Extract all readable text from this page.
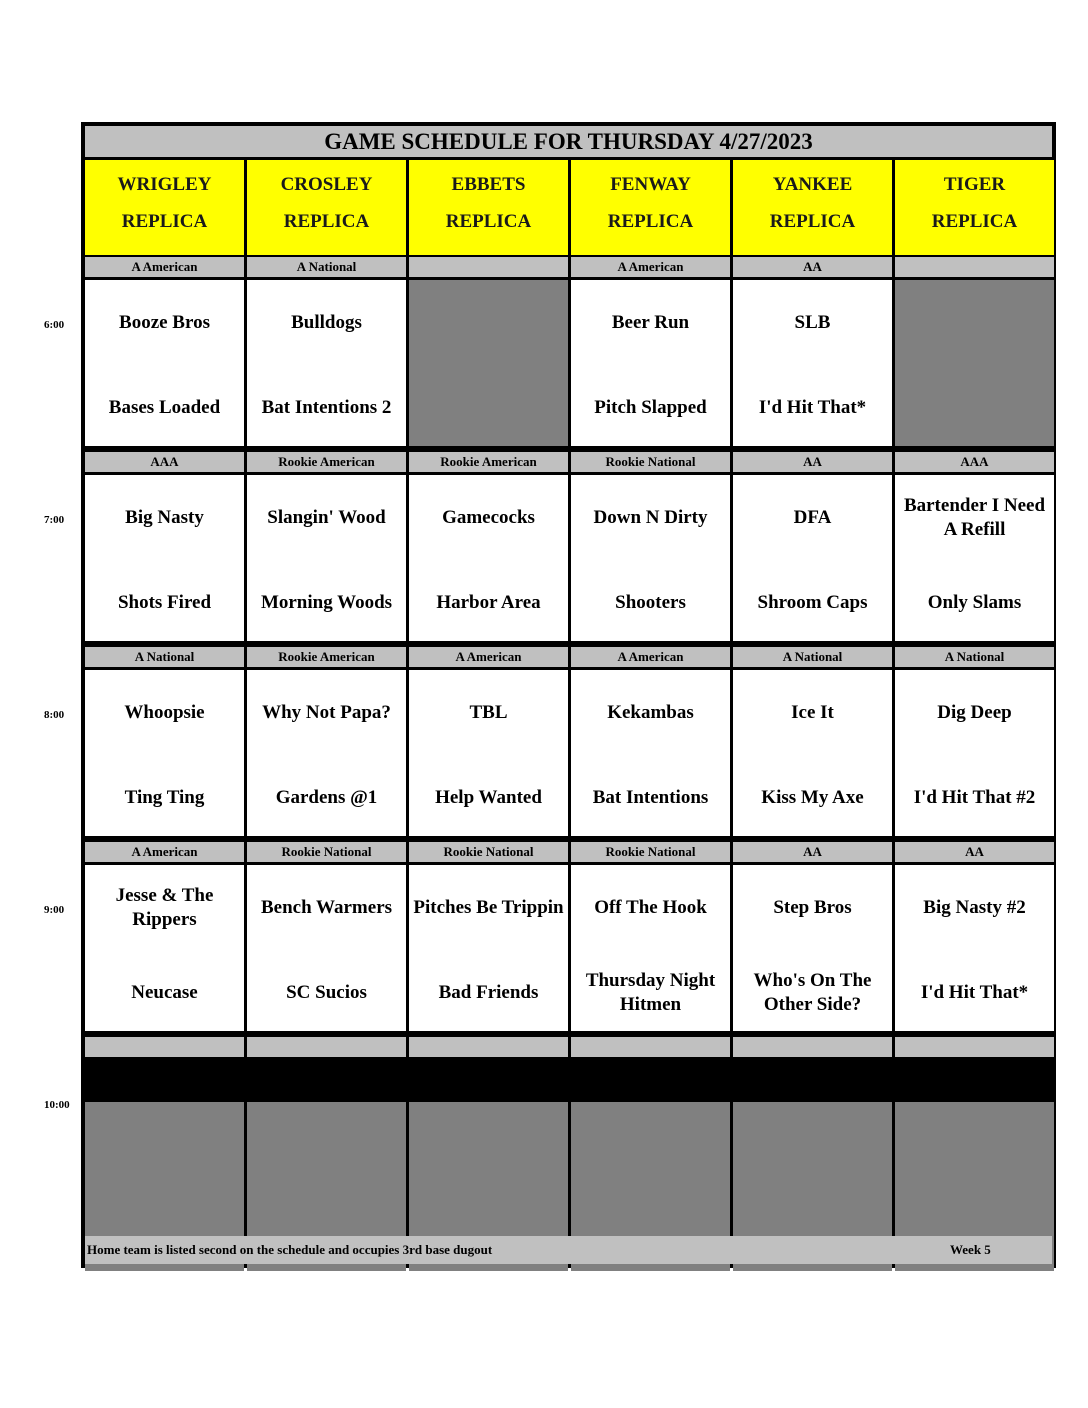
6:00
7:00
8:00
9:00
10:00
GAME SCHEDULE FOR THURSDAY 4/27/2023
WRIGLEY
REPLICA
A American
AAA
A National
A American
Booze Bros
Bases Loaded
Big Nasty
Shots Fired
Whoopsie
Ting Ting
Jesse & The Rippers
Neucase
CROSLEY
REPLICA
A National
Rookie American
Rookie American
Rookie National
Bulldogs
Bat Intentions 2
Slangin' Wood
Morning Woods
Why Not Papa?
Gardens @1
Bench Warmers
SC Sucios
EBBETS
REPLICA
Rookie American
A American
Rookie National
Gamecocks
Harbor Area
TBL
Help Wanted
Pitches Be Trippin
Bad Friends
FENWAY
REPLICA
A American
Rookie National
A American
Rookie National
Beer Run
Pitch Slapped
Down N Dirty
Shooters
Kekambas
Bat Intentions
Off The Hook
Thursday Night Hitmen
YANKEE
REPLICA
AA
AA
A National
AA
SLB
I'd Hit That*
DFA
Shroom Caps
Ice It
Kiss My Axe
Step Bros
Who's On The Other Side?
TIGER
REPLICA
AAA
A National
AA
Bartender I Need A Refill
Only Slams
Dig Deep
I'd Hit That #2
Big Nasty #2
I'd Hit That*
Home team is listed second on the schedule and occupies 3rd base dugout	Week 5
